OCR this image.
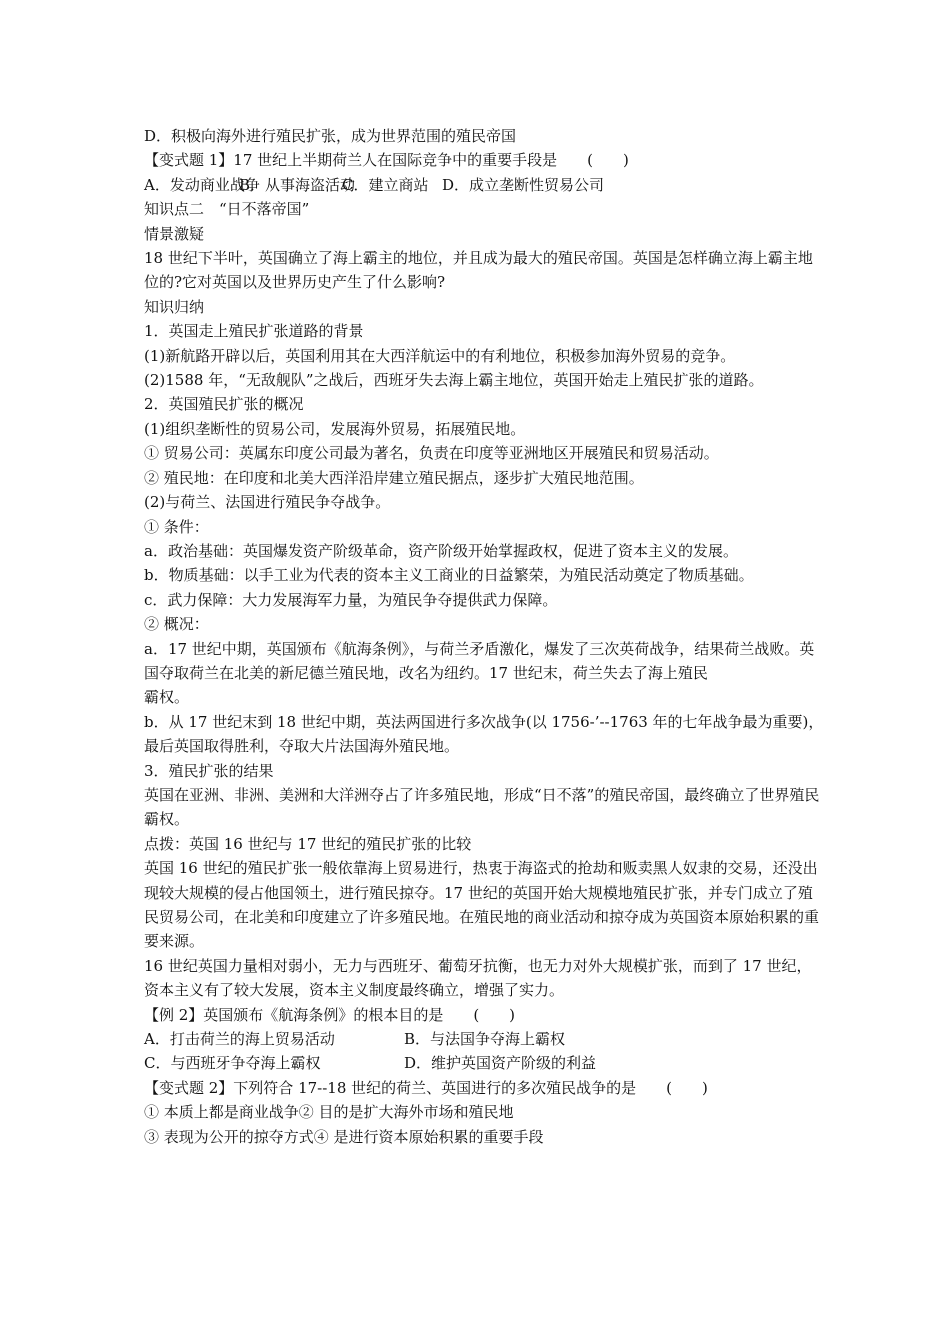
D．积极向海外进行殖民扩张，成为世界范围的殖民帝国
【变式题 1】17 世纪上半期荷兰人在国际竞争中的重要手段是　　(　　)
A．发动商业战争
B．从事海盗活动
C．建立商站 D．成立垄断性贸易公司
知识点二　“日不落帝国”
情景激疑
18 世纪下半叶，英国确立了海上霸主的地位，并且成为最大的殖民帝国。英国是怎样确立海上霸主地位的?它对英国以及世界历史产生了什么影响?
知识归纳
1．英国走上殖民扩张道路的背景
(1)新航路开辟以后，英国利用其在大西洋航运中的有利地位，积极参加海外贸易的竞争。
(2)1588 年，“无敌舰队”之战后，西班牙失去海上霸主地位，英国开始走上殖民扩张的道路。
2．英国殖民扩张的概况
(1)组织垄断性的贸易公司，发展海外贸易，拓展殖民地。
① 贸易公司：英属东印度公司最为著名，负责在印度等亚洲地区开展殖民和贸易活动。
② 殖民地：在印度和北美大西洋沿岸建立殖民据点，逐步扩大殖民地范围。
(2)与荷兰、法国进行殖民争夺战争。
① 条件：
a．政治基础：英国爆发资产阶级革命，资产阶级开始掌握政权，促进了资本主义的发展。
b．物质基础：以手工业为代表的资本主义工商业的日益繁荣，为殖民活动奠定了物质基础。
c．武力保障：大力发展海军力量，为殖民争夺提供武力保障。
② 概况：
a．17 世纪中期，英国颁布《航海条例》，与荷兰矛盾激化，爆发了三次英荷战争，结果荷兰战败。英国夺取荷兰在北美的新尼德兰殖民地，改名为纽约。17 世纪末，荷兰失去了海上殖民
霸权。
b．从 17 世纪末到 18 世纪中期，英法两国进行多次战争(以 1756-’--1763 年的七年战争最为重要)，最后英国取得胜利，夺取大片法国海外殖民地。
3．殖民扩张的结果
英国在亚洲、非洲、美洲和大洋洲夺占了许多殖民地，形成“日不落”的殖民帝国，最终确立了世界殖民霸权。
点拨：英国 16 世纪与 17 世纪的殖民扩张的比较
英国 16 世纪的殖民扩张一般依靠海上贸易进行，热衷于海盗式的抢劫和贩卖黑人奴隶的交易，还没出现较大规模的侵占他国领土，进行殖民掠夺。17 世纪的英国开始大规模地殖民扩张，并专门成立了殖民贸易公司，在北美和印度建立了许多殖民地。在殖民地的商业活动和掠夺成为英国资本原始积累的重要来源。
16 世纪英国力量相对弱小，无力与西班牙、葡萄牙抗衡，也无力对外大规模扩张，而到了 17 世纪，资本主义有了较大发展，资本主义制度最终确立，增强了实力。
【例 2】英国颁布《航海条例》的根本目的是　　(　　)
A．打击荷兰的海上贸易活动	B．与法国争夺海上霸权
C．与西班牙争夺海上霸权	D．维护英国资产阶级的利益
【变式题 2】下列符合 17--18 世纪的荷兰、英国进行的多次殖民战争的是　　(　　)
① 本质上都是商业战争② 目的是扩大海外市场和殖民地
③ 表现为公开的掠夺方式④ 是进行资本原始积累的重要手段
